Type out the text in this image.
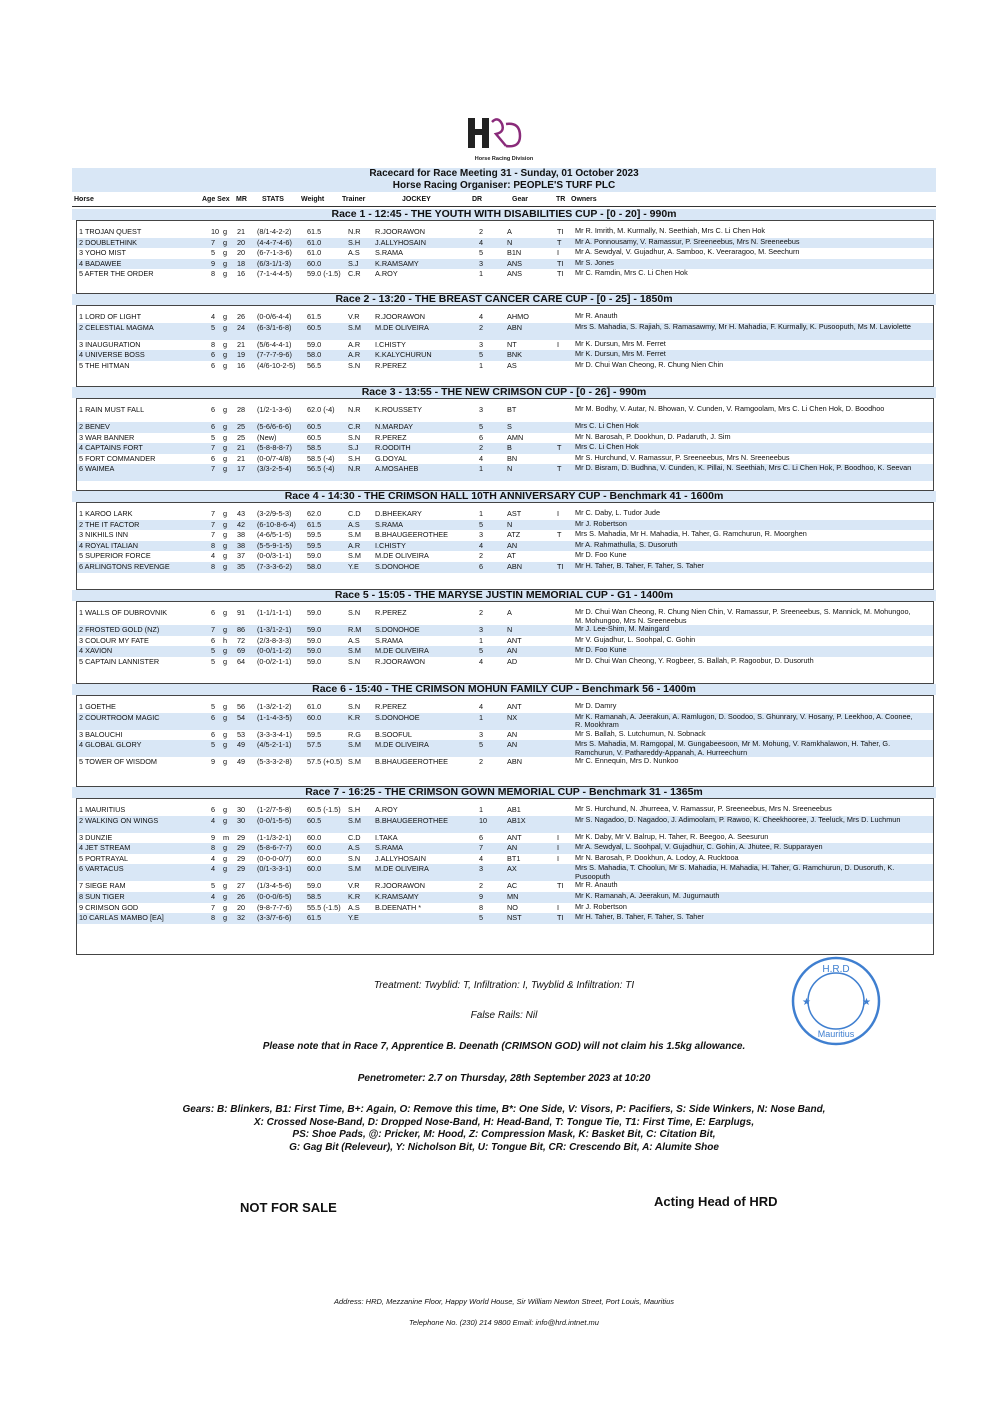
Horse Racing Division
Racecard for Race Meeting 31 - Sunday, 01 October 2023
Horse Racing Organiser: PEOPLE'S TURF PLC
Horse	Age Sex MR STATS Weight	Trainer	JOCKEY	DR	Gear	TR Owners
Race 1 - 12:45 - THE YOUTH WITH DISABILITIES CUP - [0 - 20] - 990m
1 TROJAN QUEST	10 g 21 (8/1-4-2-2) 61.5	N.R R.JOORAWON	2	A	TI Mr R. Imrith, M. Kurmally, N. Seethiah, Mrs C. Li Chen Hok
2 DOUBLETHINK	7 g 20 (4-4-7-4-6) 61.0	S.H J.ALLYHOSAIN	4	N	T Mr A. Ponnousamy, V. Ramassur, P. Sreeneebus, Mrs N. Sreeneebus
3 YOHO MIST	5 g 20 (6-7-1-3-6) 61.0	A.S S.RAMA	5	B1N	I Mr A. Sewdyal, V. Gujadhur, A. Samboo, K. Veeraragoo, M. Seechurn
4 BADAWEE	9 g 18 (6/3-1/1-3) 60.0	S.J K.RAMSAMY	3	ANS	TI Mr S. Jones
5 AFTER THE ORDER	8 g 16 (7-1-4-4-5) 59.0 (-1.5) C.R A.ROY	1	ANS	TI Mr C. Ramdin, Mrs C. Li Chen Hok
Race 2 - 13:20 - THE BREAST CANCER CARE CUP - [0 - 25] - 1850m
1 LORD OF LIGHT	4 g 26 (0-0/6-4-4) 61.5	V.R R.JOORAWON	4	AHMO	Mr R. Anauth
2 CELESTIAL MAGMA	5 g 24 (6-3/1-6-8) 60.5	S.M M.DE OLIVEIRA	2	ABN	Mrs S. Mahadia, S. Rajiah, S. Ramasawmy, Mr H. Mahadia, F. Kurmally, K. Pusooputh, Ms M. Laviolette
3 INAUGURATION	8 g 21 (5/6-4-4-1) 59.0	A.R I.CHISTY	3	NT	I Mr K. Dursun, Mrs M. Ferret
4 UNIVERSE BOSS	6 g 19 (7-7-7-9-6) 58.0	A.R K.KALYCHURUN	5	BNK	Mr K. Dursun, Mrs M. Ferret
5 THE HITMAN	6 g 16 (4/6-10-2-5) 56.5	S.N R.PEREZ	1	AS	Mr D. Chui Wan Cheong, R. Chung Nien Chin
Race 3 - 13:55 - THE NEW CRIMSON CUP - [0 - 26] - 990m
1 RAIN MUST FALL	6 g 28 (1/2-1-3-6) 62.0 (-4) N.R K.ROUSSETY	3	BT	Mr M. Bodhy, V. Autar, N. Bhowan, V. Cunden, V. Ramgoolam, Mrs C. Li Chen Hok, D. Boodhoo
2 BENEV	6 g 25 (5-6/6-6-6) 60.5	C.R N.MARDAY	5	S	Mrs C. Li Chen Hok
3 WAR BANNER	5 g 25 (New)	60.5	S.N R.PEREZ	6	AMN	Mr N. Barosah, P. Dookhun, D. Padaruth, J. Sim
4 CAPTAINS FORT	7 g 21 (5-8-8-8-7) 58.5	S.J R.OODITH	2	B	T Mrs C. Li Chen Hok
5 FORT COMMANDER	6 g 21 (0-0/7-4/8) 58.5 (-4) S.H G.DOYAL	4	BN	Mr S. Hurchund, V. Ramassur, P. Sreeneebus, Mrs N. Sreeneebus
6 WAIMEA	7 g 17 (3/3-2-5-4) 56.5 (-4) N.R A.MOSAHEB	1	N	T Mr D. Bisram, D. Budhna, V. Cunden, K. Pillai, N. Seethiah, Mrs C. Li Chen Hok, P. Boodhoo, K. Seevan
Race 4 - 14:30 - THE CRIMSON HALL 10TH ANNIVERSARY CUP - Benchmark 41 - 1600m
1 KAROO LARK	7 g 43 (3-2/9-5-3) 62.0	C.D D.BHEEKARY	1	AST	I Mr C. Daby, L. Tudor Jude
2 THE IT FACTOR	7 g 42 (6-10-8-6-4) 61.5	A.S S.RAMA	5	N	Mr J. Robertson
3 NIKHILS INN	7 g 38 (4-6/5-1-5) 59.5	S.M B.BHAUGEEROTHEE	3	ATZ	T Mrs S. Mahadia, Mr H. Mahadia, H. Taher, G. Ramchurun, R. Moorghen
4 ROYAL ITALIAN	8 g 38 (5-5-9-1-5) 59.5	A.R I.CHISTY	4	AN	Mr A. Rahmathulla, S. Dusoruth
5 SUPERIOR FORCE	4 g 37 (0-0/3-1-1) 59.0	S.M M.DE OLIVEIRA	2	AT	Mr D. Foo Kune
6 ARLINGTONS REVENGE	8 g 35 (7-3-3-6-2) 58.0	Y.E S.DONOHOE	6	ABN	TI Mr H. Taher, B. Taher, F. Taher, S. Taher
Race 5 - 15:05 - THE MARYSE JUSTIN MEMORIAL CUP - G1 - 1400m
1 WALLS OF DUBROVNIK	6 g 91 (1-1/1-1-1) 59.0	S.N R.PEREZ	2	A	Mr D. Chui Wan Cheong, R. Chung Nien Chin, V. Ramassur, P. Sreeneebus, S. Mannick, M. Mohungoo, M. Mohungoo, Mrs N. Sreeneebus
2 FROSTED GOLD (NZ)	7 g 86 (1-3/1-2-1) 59.0	R.M S.DONOHOE	3	N	Mr J. Lee-Shim, M. Maingard
3 COLOUR MY FATE	6 h 72 (2/3-8-3-3) 59.0	A.S S.RAMA	1	ANT	Mr V. Gujadhur, L. Soohpal, C. Gohin
4 XAVION	5 g 69 (0-0/1-1-2) 59.0	S.M M.DE OLIVEIRA	5	AN	Mr D. Foo Kune
5 CAPTAIN LANNISTER	5 g 64 (0-0/2-1-1) 59.0	S.N R.JOORAWON	4	AD	Mr D. Chui Wan Cheong, Y. Rogbeer, S. Ballah, P. Ragoobur, D. Dusoruth
Race 6 - 15:40 - THE CRIMSON MOHUN FAMILY CUP - Benchmark 56 - 1400m
1 GOETHE	5 g 56 (1-3/2-1-2) 61.0	S.N R.PEREZ	4	ANT	Mr D. Damry
2 COURTROOM MAGIC	6 g 54 (1-1-4-3-5) 60.0	K.R S.DONOHOE	1	NX	Mr K. Ramanah, A. Jeerakun, A. Ramlugon, D. Soodoo, S. Ghunrary, V. Hosany, P. Leekhoo, A. Coonee, R. Mookhram
3 BALOUCHI	6 g 53 (3-3-3-4-1) 59.5	R.G B.SOOFUL	3	AN	Mr S. Ballah, S. Lutchumun, N. Sobnack
4 GLOBAL GLORY	5 g 49 (4/5-2-1-1) 57.5	S.M M.DE OLIVEIRA	5	AN	Mrs S. Mahadia, M. Ramgopal, M. Gungabeesoon, Mr M. Mohung, V. Ramkhalawon, H. Taher, G. Ramchurun, V. Pathareddy-Appanah, A. Hurreechurn
5 TOWER OF WISDOM	9 g 49 (5-3-3-2-8) 57.5 (+0.5) S.M B.BHAUGEEROTHEE	2	ABN	Mr C. Ennequin, Mrs D. Nunkoo
Race 7 - 16:25 - THE CRIMSON GOWN MEMORIAL CUP - Benchmark 31 - 1365m
1 MAURITIUS	6 g 30 (1-2/7-5-8) 60.5 (-1.5) S.H A.ROY	1	AB1	Mr S. Hurchund, N. Jhurreea, V. Ramassur, P. Sreeneebus, Mrs N. Sreeneebus
2 WALKING ON WINGS	4 g 30 (0-0/1-5-5) 60.5	S.M B.BHAUGEEROTHEE	10	AB1X	Mr S. Nagadoo, D. Nagadoo, J. Adimoolam, P. Rawoo, K. Cheekhooree, J. Teeluck, Mrs D. Luchmun
3 DUNZIE	9 m 29 (1-1/3-2-1) 60.0	C.D I.TAKA	6	ANT	I Mr K. Daby, Mr V. Balrup, H. Taher, R. Beegoo, A. Seesurun
4 JET STREAM	8 g 29 (5-8-6-7-7) 60.0	A.S S.RAMA	7	AN	I Mr A. Sewdyal, L. Soohpal, V. Gujadhur, C. Gohin, A. Jhutee, R. Supparayen
5 PORTRAYAL	4 g 29 (0-0-0-0/7) 60.0	S.N J.ALLYHOSAIN	4	BT1	I Mr N. Barosah, P. Dookhun, A. Lodoy, A. Rucktooa
6 VARTACUS	4 g 29 (0/1-3-3-1) 60.0	S.M M.DE OLIVEIRA	3	AX	Mrs S. Mahadia, T. Choolun, Mr S. Mahadia, H. Mahadia, H. Taher, G. Ramchurun, D. Dusoruth, K. Pusooputh
7 SIEGE RAM	5 g 27 (1/3-4-5-6) 59.0	V.R R.JOORAWON	2	AC	TI Mr R. Anauth
8 SUN TIGER	4 g 26 (0-0-0/6-5) 58.5	K.R K.RAMSAMY	9	MN	Mr K. Ramanah, A. Jeerakun, M. Jugurnauth
9 CRIMSON GOD	7 g 20 (9-8-7-7-6) 55.5 (-1.5) A.S B.DEENATH *	8	NO	I Mr J. Robertson
10 CARLAS MAMBO [EA]	8 g 32 (3-3/7-6-6) 61.5	Y.E	5	NST	TI Mr H. Taher, B. Taher, F. Taher, S. Taher
Treatment: Twyblid: T, Infiltration: I, Twyblid & Infiltration: TI
False Rails: Nil
Please note that in Race 7, Apprentice B. Deenath (CRIMSON GOD) will not claim his 1.5kg allowance.
Penetrometer: 2.7 on Thursday, 28th September 2023 at 10:20
Gears: B: Blinkers, B1: First Time, B+: Again, O: Remove this time, B*: One Side, V: Visors, P: Pacifiers, S: Side Winkers, N: Nose Band,
X: Crossed Nose-Band, D: Dropped Nose-Band, H: Head-Band, T: Tongue Tie, T1: First Time, E: Earplugs,
PS: Shoe Pads, @: Pricker, M: Hood, Z: Compression Mask, K: Basket Bit, C: Citation Bit,
G: Gag Bit (Releveur), Y: Nicholson Bit, U: Tongue Bit, CR: Crescendo Bit, A: Alumite Shoe
NOT FOR SALE	Acting Head of HRD
Address: HRD, Mezzanine Floor, Happy World House, Sir William Newton Street, Port Louis, Mauritius
Telephone No. (230) 214 9800 Email: info@hrd.intnet.mu
H.R.D
Mauritius
★	★
